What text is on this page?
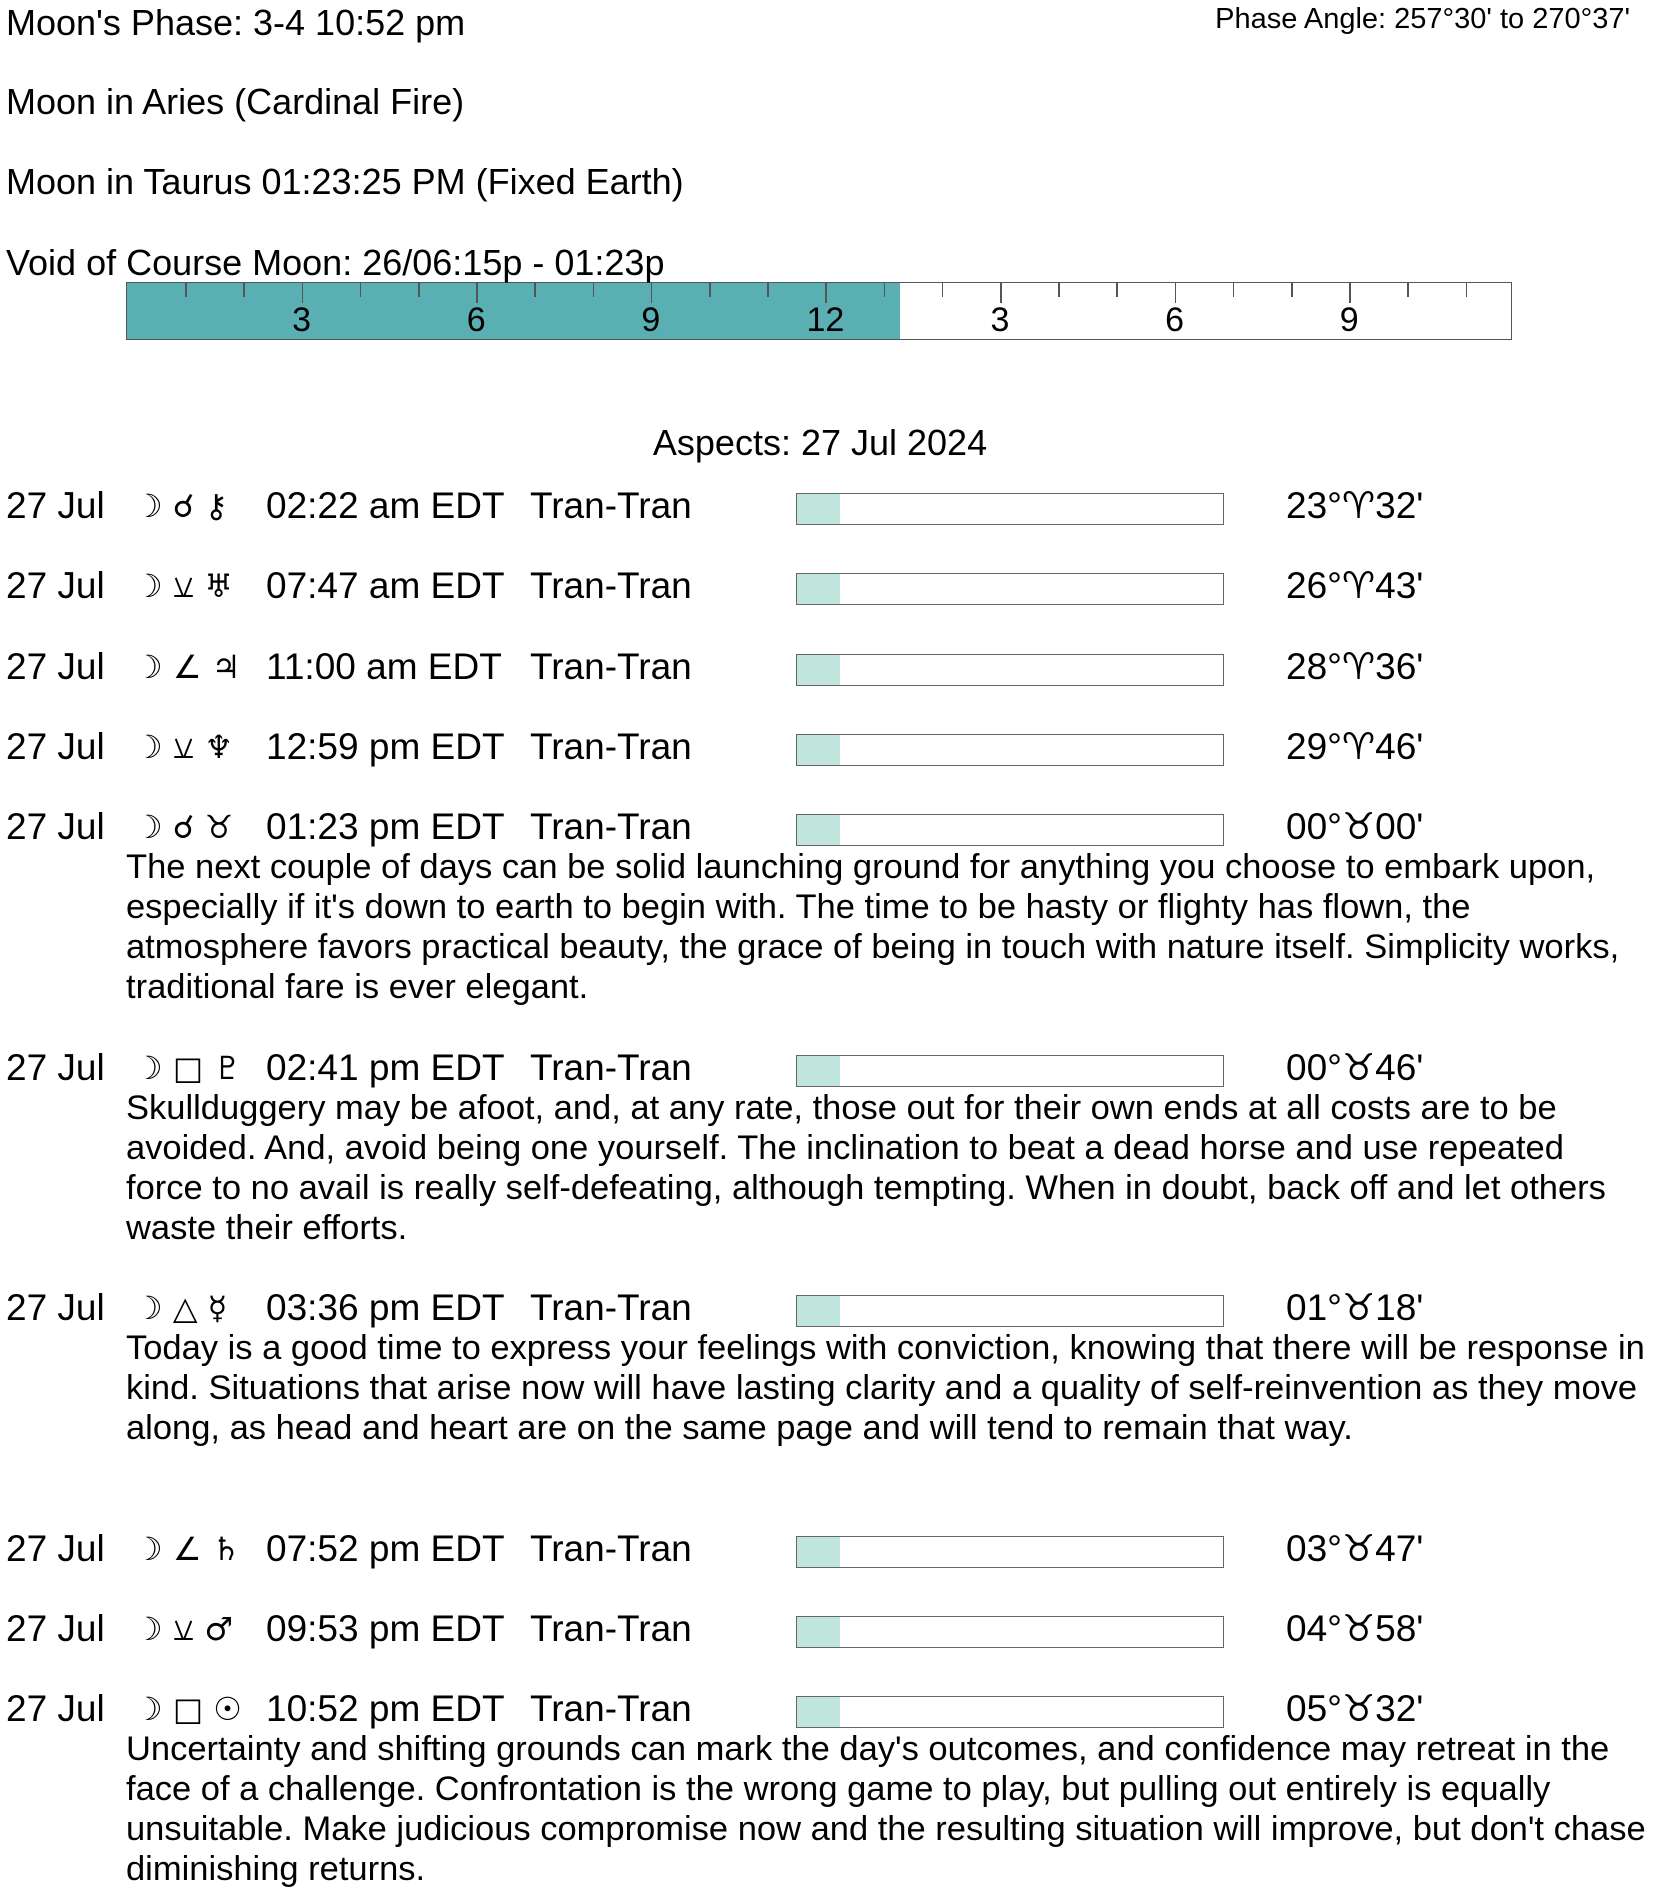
Moon's Phase: 3-4 10:52 pm	Phase Angle: 257°30' to 270°37'
Moon in Aries (Cardinal Fire)
Moon in Taurus 01:23:25 PM (Fixed Earth)
Void of Course Moon: 26/06:15p - 01:23p
3	6	9	12	3	6	9
Aspects: 27 Jul 2024
27 Jul ☽ ☌ ⚷ 02:22 am EDT Tran-Tran	23°♈32'
27 Jul ☽ ⚺ ♅ 07:47 am EDT Tran-Tran	26°♈43'
27 Jul ☽ ∠ ♃ 11:00 am EDT Tran-Tran	28°♈36'
27 Jul ☽ ⚺ ♆ 12:59 pm EDT Tran-Tran	29°♈46'
27 Jul ☽ ☌ ♉ 01:23 pm EDT Tran-Tran	00°♉00'
The next couple of days can be solid launching ground for anything you choose to embark upon, especially if it's down to earth to begin with. The time to be hasty or flighty has flown, the atmosphere favors practical beauty, the grace of being in touch with nature itself. Simplicity works, traditional fare is ever elegant.
27 Jul ☽ □ ♇ 02:41 pm EDT Tran-Tran	00°♉46'
Skullduggery may be afoot, and, at any rate, those out for their own ends at all costs are to be avoided. And, avoid being one yourself. The inclination to beat a dead horse and use repeated force to no avail is really self-defeating, although tempting. When in doubt, back off and let others waste their efforts.
27 Jul ☽ △ ☿ 03:36 pm EDT Tran-Tran	01°♉18'
Today is a good time to express your feelings with conviction, knowing that there will be response in kind. Situations that arise now will have lasting clarity and a quality of self-reinvention as they move along, as head and heart are on the same page and will tend to remain that way.
27 Jul ☽ ∠ ♄ 07:52 pm EDT Tran-Tran	03°♉47'
27 Jul ☽ ⚺ ♂ 09:53 pm EDT Tran-Tran	04°♉58'
27 Jul ☽ □ ☉ 10:52 pm EDT Tran-Tran	05°♉32'
Uncertainty and shifting grounds can mark the day's outcomes, and confidence may retreat in the face of a challenge. Confrontation is the wrong game to play, but pulling out entirely is equally unsuitable. Make judicious compromise now and the resulting situation will improve, but don't chase diminishing returns.
